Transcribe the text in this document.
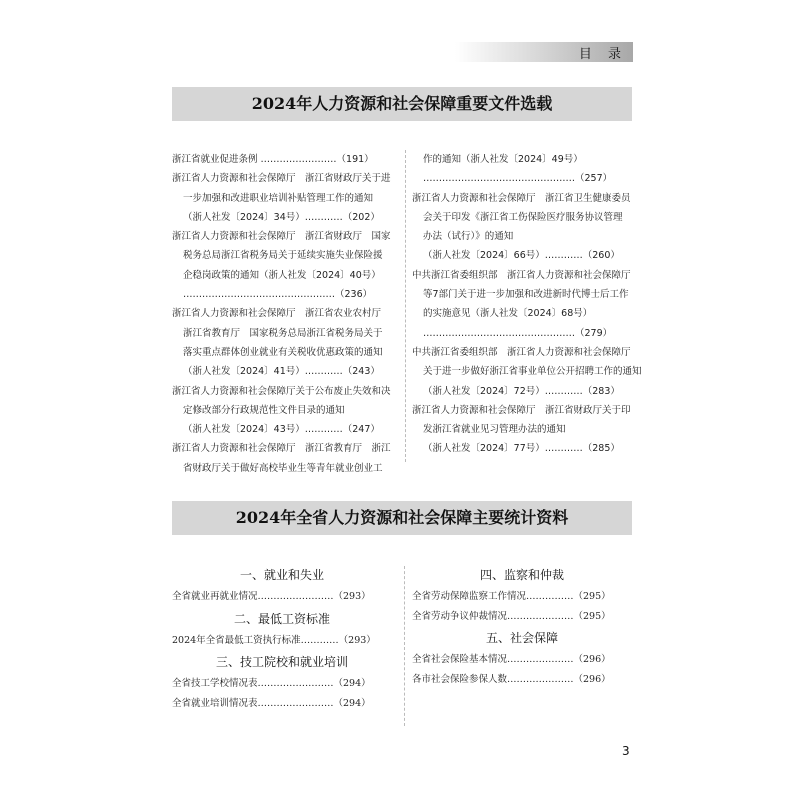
目 录
2024年人力资源和社会保障重要文件选载
浙江省就业促进条例 ……………………（191）
浙江省人力资源和社会保障厅　浙江省财政厅关于进
一步加强和改进职业培训补贴管理工作的通知
（浙人社发〔2024〕34号）…………（202）
浙江省人力资源和社会保障厅　浙江省财政厅　国家
税务总局浙江省税务局关于延续实施失业保险援
企稳岗政策的通知（浙人社发〔2024〕40号）
…………………………………………（236）
浙江省人力资源和社会保障厅　浙江省农业农村厅
浙江省教育厅　国家税务总局浙江省税务局关于
落实重点群体创业就业有关税收优惠政策的通知
（浙人社发〔2024〕41号）…………（243）
浙江省人力资源和社会保障厅关于公布废止失效和决
定修改部分行政规范性文件目录的通知
（浙人社发〔2024〕43号）…………（247）
浙江省人力资源和社会保障厅　浙江省教育厅　浙江
省财政厅关于做好高校毕业生等青年就业创业工
作的通知（浙人社发〔2024〕49号）
…………………………………………（257）
浙江省人力资源和社会保障厅　浙江省卫生健康委员
会关于印发《浙江省工伤保险医疗服务协议管理
办法（试行）》的通知
（浙人社发〔2024〕66号）…………（260）
中共浙江省委组织部　浙江省人力资源和社会保障厅
等7部门关于进一步加强和改进新时代博士后工作
的实施意见（浙人社发〔2024〕68号）
…………………………………………（279）
中共浙江省委组织部　浙江省人力资源和社会保障厅
关于进一步做好浙江省事业单位公开招聘工作的通知
（浙人社发〔2024〕72号）…………（283）
浙江省人力资源和社会保障厅　浙江省财政厅关于印
发浙江省就业见习管理办法的通知
（浙人社发〔2024〕77号）…………（285）
2024年全省人力资源和社会保障主要统计资料
一、就业和失业
全省就业再就业情况……………………（293）
二、最低工资标准
2024年全省最低工资执行标准…………（293）
三、技工院校和就业培训
全省技工学校情况表……………………（294）
全省就业培训情况表……………………（294）
四、监察和仲裁
全省劳动保障监察工作情况……………（295）
全省劳动争议仲裁情况…………………（295）
五、社会保障
全省社会保险基本情况…………………（296）
各市社会保险参保人数…………………（296）
3
